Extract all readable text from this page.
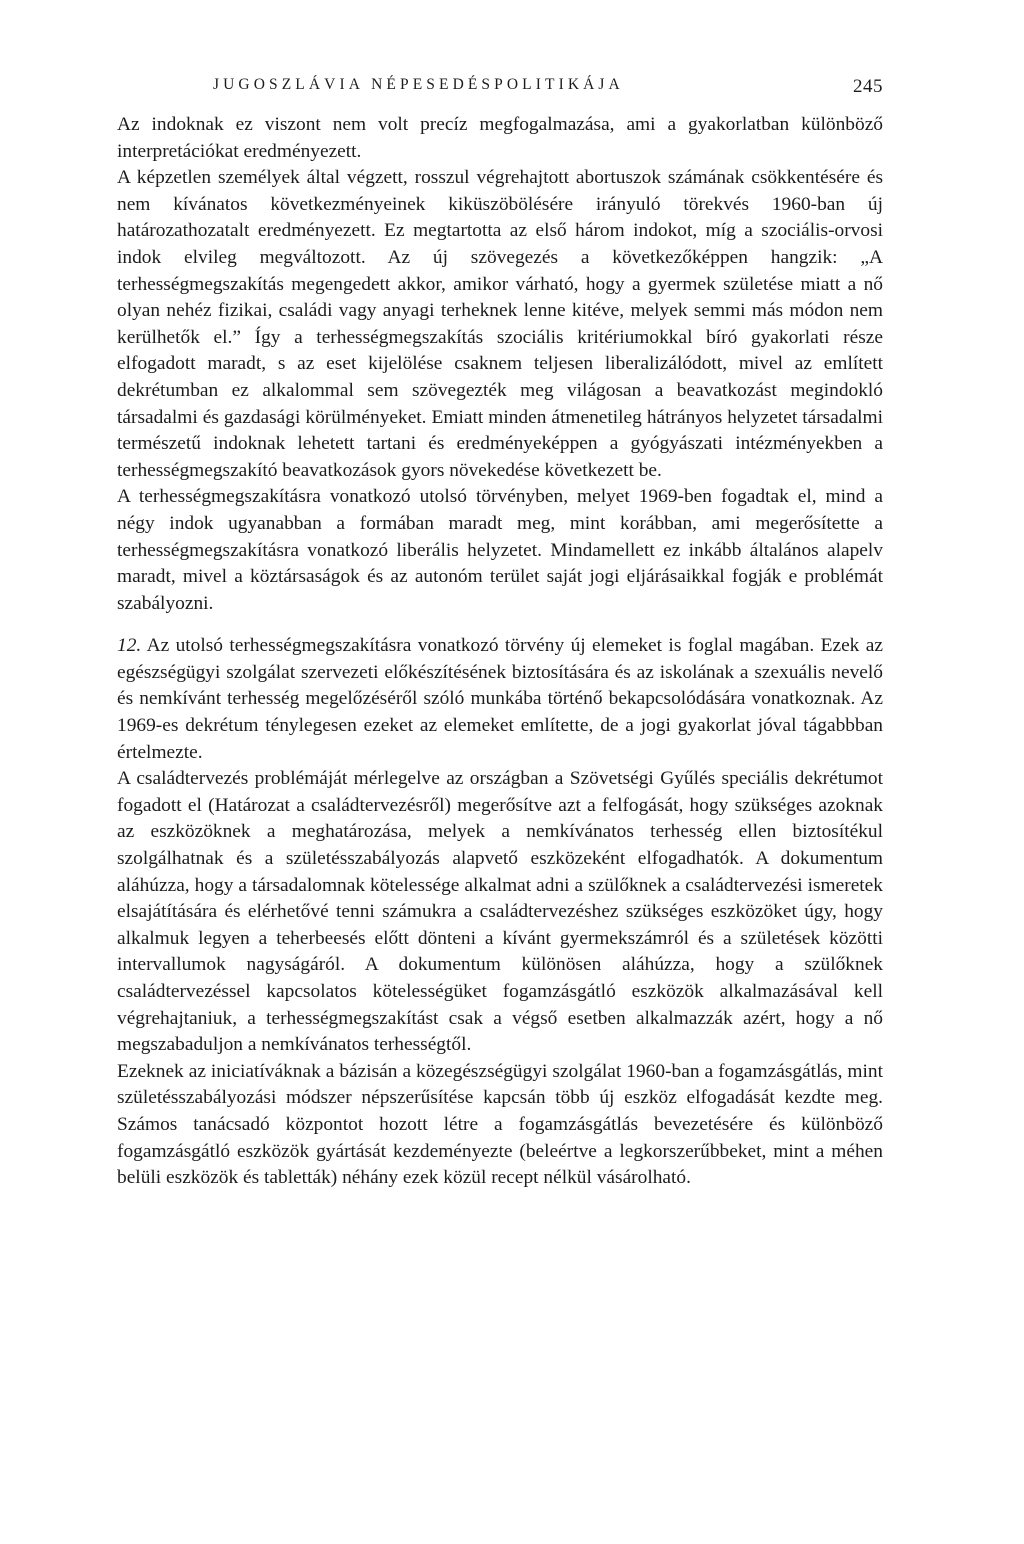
JUGOSZLÁVIA NÉPESEDÉSPOLITIKÁJA	245

Az indoknak ez viszont nem volt precíz megfogalmazása, ami a gyakorlatban különböző interpretációkat eredményezett.

A képzetlen személyek által végzett, rosszul végrehajtott abortuszok számának csökkentésére és nem kívánatos következményeinek kiküszöbölésére irányuló törekvés 1960-ban új határozathozatalt eredményezett. Ez megtartotta az első három indokot, míg a szociális-orvosi indok elvileg megváltozott. Az új szövegezés a következőképpen hangzik: „A terhességmegszakítás megengedett akkor, amikor várható, hogy a gyermek születése miatt a nő olyan nehéz fizikai, családi vagy anyagi terheknek lenne kitéve, melyek semmi más módon nem kerülhetők el.” Így a terhességmegszakítás szociális kritériumokkal bíró gyakorlati része elfogadott maradt, s az eset kijelölése csaknem teljesen liberalizálódott, mivel az említett dekrétumban ez alkalommal sem szövegezték meg világosan a beavatkozást megindokló társadalmi és gazdasági körülményeket. Emiatt minden átmenetileg hátrányos helyzetet társadalmi természetű indoknak lehetett tartani és eredményeképpen a gyógyászati intézményekben a terhességmegszakító beavatkozások gyors növekedése következett be.

A terhességmegszakításra vonatkozó utolsó törvényben, melyet 1969-ben fogadtak el, mind a négy indok ugyanabban a formában maradt meg, mint korábban, ami megerősítette a terhességmegszakításra vonatkozó liberális helyzetet. Mindamellett ez inkább általános alapelv maradt, mivel a köztársaságok és az autonóm terület saját jogi eljárásaikkal fogják e problémát szabályozni.

12. Az utolsó terhességmegszakításra vonatkozó törvény új elemeket is foglal magában. Ezek az egészségügyi szolgálat szervezeti előkészítésének biztosítására és az iskolának a szexuális nevelő és nemkívánt terhesség megelőzéséről szóló munkába történő bekapcsolódására vonatkoznak. Az 1969-es dekrétum ténylegesen ezeket az elemeket említette, de a jogi gyakorlat jóval tágabbban értelmezte.

A családtervezés problémáját mérlegelve az országban a Szövetségi Gyűlés speciális dekrétumot fogadott el (Határozat a családtervezésről) megerősítve azt a felfogását, hogy szükséges azoknak az eszközöknek a meghatározása, melyek a nemkívánatos terhesség ellen biztosítékul szolgálhatnak és a születésszabályozás alapvető eszközeként elfogadhatók. A dokumentum aláhúzza, hogy a társadalomnak kötelessége alkalmat adni a szülőknek a családtervezési ismeretek elsajátítására és elérhetővé tenni számukra a családtervezéshez szükséges eszközöket úgy, hogy alkalmuk legyen a teherbeesés előtt dönteni a kívánt gyermekszámról és a születések közötti intervallumok nagyságáról. A dokumentum különösen aláhúzza, hogy a szülőknek családtervezéssel kapcsolatos kötelességüket fogamzásgátló eszközök alkalmazásával kell végrehajtaniuk, a terhességmegszakítást csak a végső esetben alkalmazzák azért, hogy a nő megszabaduljon a nemkívánatos terhességtől.

Ezeknek az iniciatíváknak a bázisán a közegészségügyi szolgálat 1960-ban a fogamzásgátlás, mint születésszabályozási módszer népszerűsítése kapcsán több új eszköz elfogadását kezdte meg. Számos tanácsadó központot hozott létre a fogamzásgátlás bevezetésére és különböző fogamzásgátló eszközök gyártását kezdeményezte (beleértve a legkorszerűbbeket, mint a méhen belüli eszközök és tabletták) néhány ezek közül recept nélkül vásárolható.
